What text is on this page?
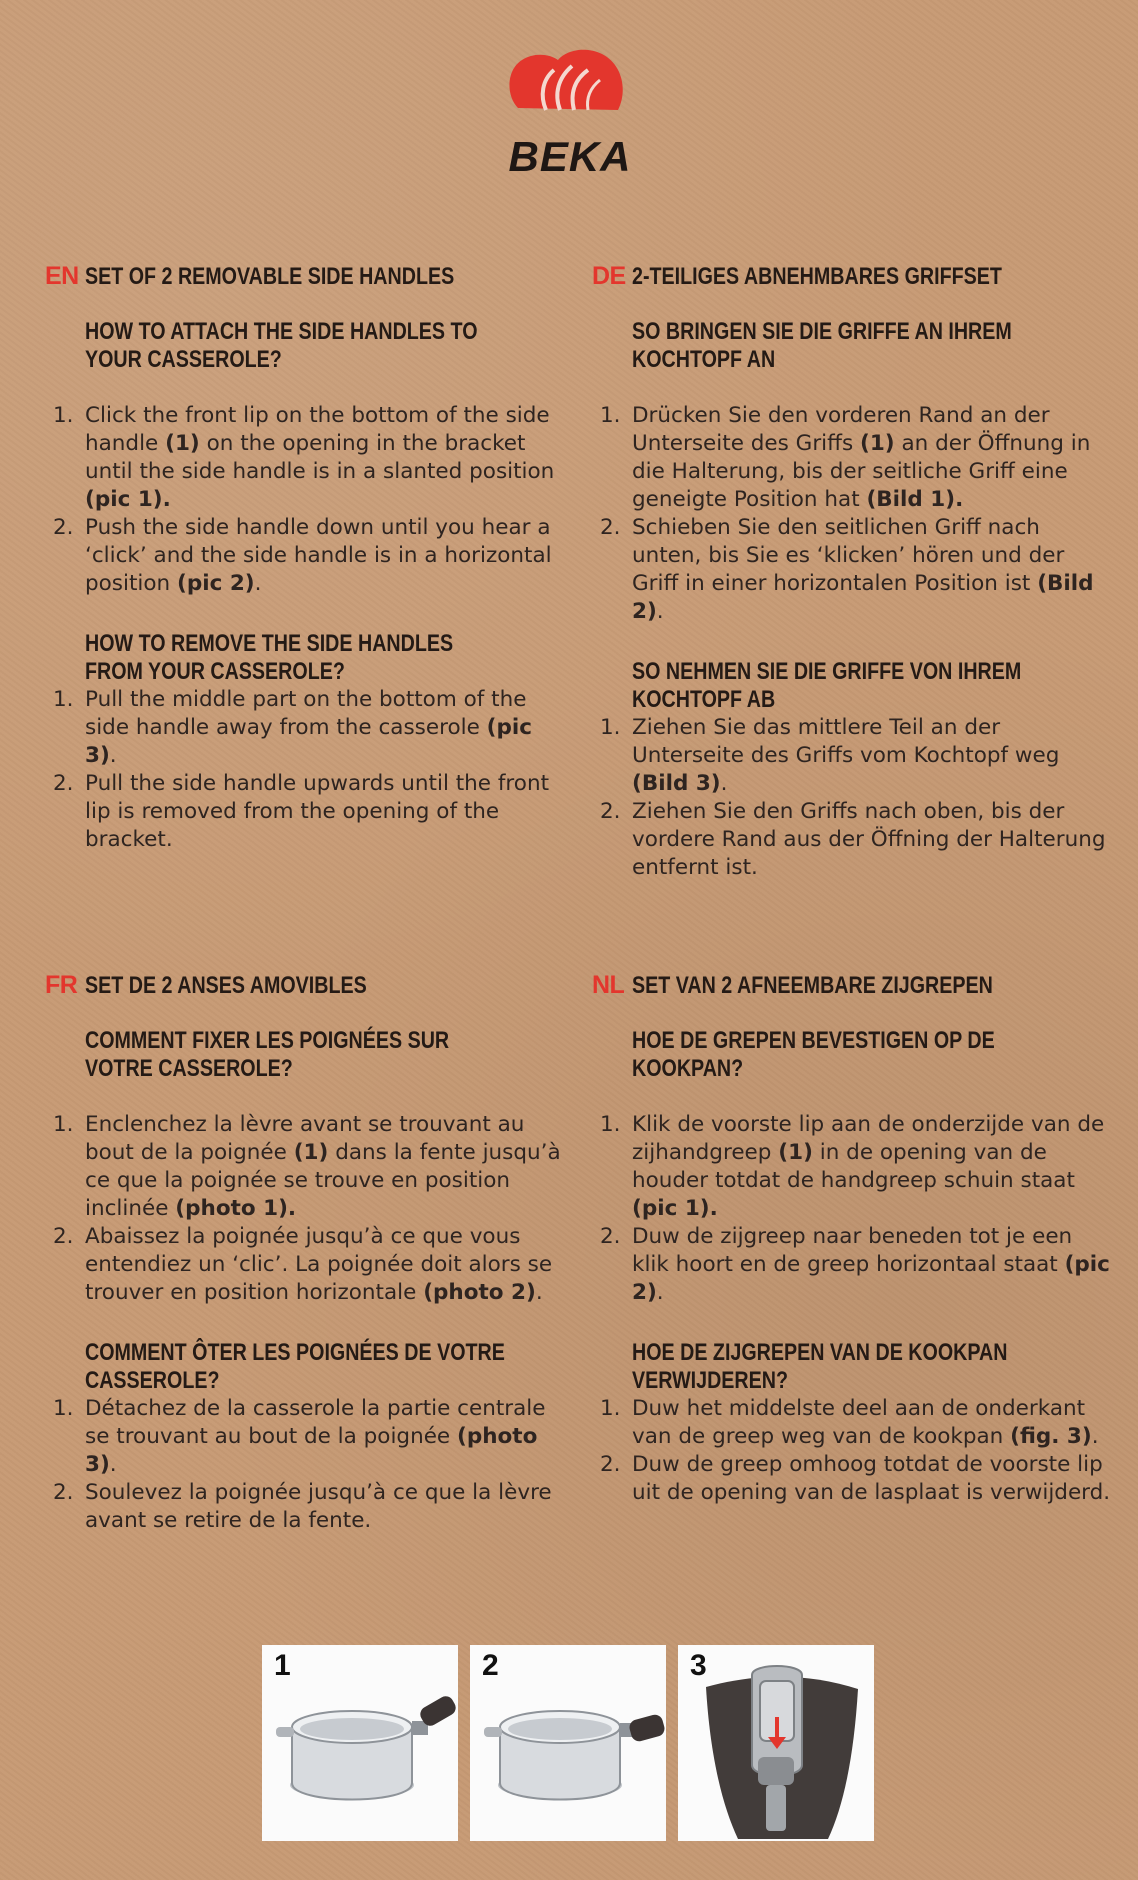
BEKA
EN SET OF 2 REMOVABLE SIDE HANDLES
HOW TO ATTACH THE SIDE HANDLES TO YOUR CASSEROLE?
1. Click the front lip on the bottom of the side handle (1) on the opening in the bracket until the side handle is in a slanted position (pic 1).
2. Push the side handle down until you hear a ‘click’ and the side handle is in a horizontal position (pic 2).
HOW TO REMOVE THE SIDE HANDLES FROM YOUR CASSEROLE?
1. Pull the middle part on the bottom of the side handle away from the casserole (pic 3).
2. Pull the side handle upwards until the front lip is removed from the opening of the bracket.
DE 2-TEILIGES ABNEHMBARES GRIFFSET
SO BRINGEN SIE DIE GRIFFE AN IHREM KOCHTOPF AN
1. Drücken Sie den vorderen Rand an der Unterseite des Griffs (1) an der Öffnung in die Halterung, bis der seitliche Griff eine geneigte Position hat (Bild 1).
2. Schieben Sie den seitlichen Griff nach unten, bis Sie es ‘klicken’ hören und der Griff in einer horizontalen Position ist (Bild 2).
SO NEHMEN SIE DIE GRIFFE VON IHREM KOCHTOPF AB
1. Ziehen Sie das mittlere Teil an der Unterseite des Griffs vom Kochtopf weg (Bild 3).
2. Ziehen Sie den Griffs nach oben, bis der vordere Rand aus der Öffning der Halterung entfernt ist.
FR SET DE 2 ANSES AMOVIBLES
COMMENT FIXER LES POIGNÉES SUR VOTRE CASSEROLE?
1. Enclenchez la lèvre avant se trouvant au bout de la poignée (1) dans la fente jusqu’à ce que la poignée se trouve en position inclinée (photo 1).
2. Abaissez la poignée jusqu’à ce que vous entendiez un ‘clic’. La poignée doit alors se trouver en position horizontale (photo 2).
COMMENT ÔTER LES POIGNÉES DE VOTRE CASSEROLE?
1. Détachez de la casserole la partie centrale se trouvant au bout de la poignée (photo 3).
2. Soulevez la poignée jusqu’à ce que la lèvre avant se retire de la fente.
NL SET VAN 2 AFNEEMBARE ZIJGREPEN
HOE DE GREPEN BEVESTIGEN OP DE KOOKPAN?
1. Klik de voorste lip aan de onderzijde van de zijhandgreep (1) in de opening van de houder totdat de handgreep schuin staat (pic 1).
2. Duw de zijgreep naar beneden tot je een klik hoort en de greep horizontaal staat (pic 2).
HOE DE ZIJGREPEN VAN DE KOOKPAN VERWIJDEREN?
1. Duw het middelste deel aan de onderkant van de greep weg van de kookpan (fig. 3).
2. Duw de greep omhoog totdat de voorste lip uit de opening van de lasplaat is verwijderd.
1	2	3
